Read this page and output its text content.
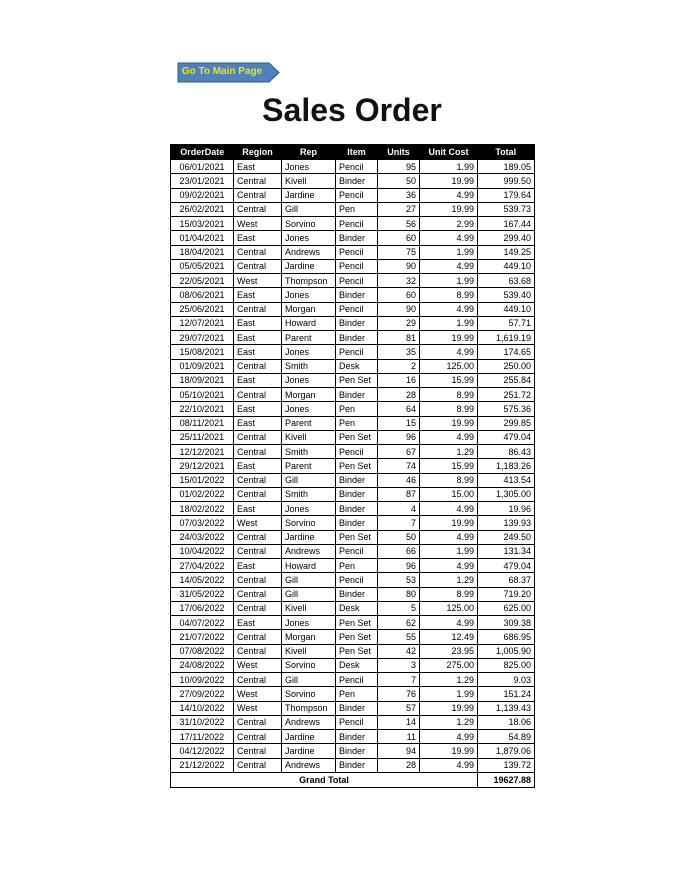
Go To Main Page
Sales Order
OrderDate	Region	Rep	Item	Units	Unit Cost	Total
06/01/2021	East	Jones	Pencil	95	1.99	189.05
23/01/2021	Central	Kivell	Binder	50	19.99	999.50
09/02/2021	Central	Jardine	Pencil	36	4.99	179.64
26/02/2021	Central	Gill	Pen	27	19.99	539.73
15/03/2021	West	Sorvino	Pencil	56	2.99	167.44
01/04/2021	East	Jones	Binder	60	4.99	299.40
18/04/2021	Central	Andrews	Pencil	75	1.99	149.25
05/05/2021	Central	Jardine	Pencil	90	4.99	449.10
22/05/2021	West	Thompson	Pencil	32	1.99	63.68
08/06/2021	East	Jones	Binder	60	8.99	539.40
25/06/2021	Central	Morgan	Pencil	90	4.99	449.10
12/07/2021	East	Howard	Binder	29	1.99	57.71
29/07/2021	East	Parent	Binder	81	19.99	1,619.19
15/08/2021	East	Jones	Pencil	35	4.99	174.65
01/09/2021	Central	Smith	Desk	2	125.00	250.00
18/09/2021	East	Jones	Pen Set	16	15.99	255.84
05/10/2021	Central	Morgan	Binder	28	8.99	251.72
22/10/2021	East	Jones	Pen	64	8.99	575.36
08/11/2021	East	Parent	Pen	15	19.99	299.85
25/11/2021	Central	Kivell	Pen Set	96	4.99	479.04
12/12/2021	Central	Smith	Pencil	67	1.29	86.43
29/12/2021	East	Parent	Pen Set	74	15.99	1,183.26
15/01/2022	Central	Gill	Binder	46	8.99	413.54
01/02/2022	Central	Smith	Binder	87	15.00	1,305.00
18/02/2022	East	Jones	Binder	4	4.99	19.96
07/03/2022	West	Sorvino	Binder	7	19.99	139.93
24/03/2022	Central	Jardine	Pen Set	50	4.99	249.50
10/04/2022	Central	Andrews	Pencil	66	1.99	131.34
27/04/2022	East	Howard	Pen	96	4.99	479.04
14/05/2022	Central	Gill	Pencil	53	1.29	68.37
31/05/2022	Central	Gill	Binder	80	8.99	719.20
17/06/2022	Central	Kivell	Desk	5	125.00	625.00
04/07/2022	East	Jones	Pen Set	62	4.99	309.38
21/07/2022	Central	Morgan	Pen Set	55	12.49	686.95
07/08/2022	Central	Kivell	Pen Set	42	23.95	1,005.90
24/08/2022	West	Sorvino	Desk	3	275.00	825.00
10/09/2022	Central	Gill	Pencil	7	1.29	9.03
27/09/2022	West	Sorvino	Pen	76	1.99	151.24
14/10/2022	West	Thompson	Binder	57	19.99	1,139.43
31/10/2022	Central	Andrews	Pencil	14	1.29	18.06
17/11/2022	Central	Jardine	Binder	11	4.99	54.89
04/12/2022	Central	Jardine	Binder	94	19.99	1,879.06
21/12/2022	Central	Andrews	Binder	28	4.99	139.72
Grand Total						19627.88
